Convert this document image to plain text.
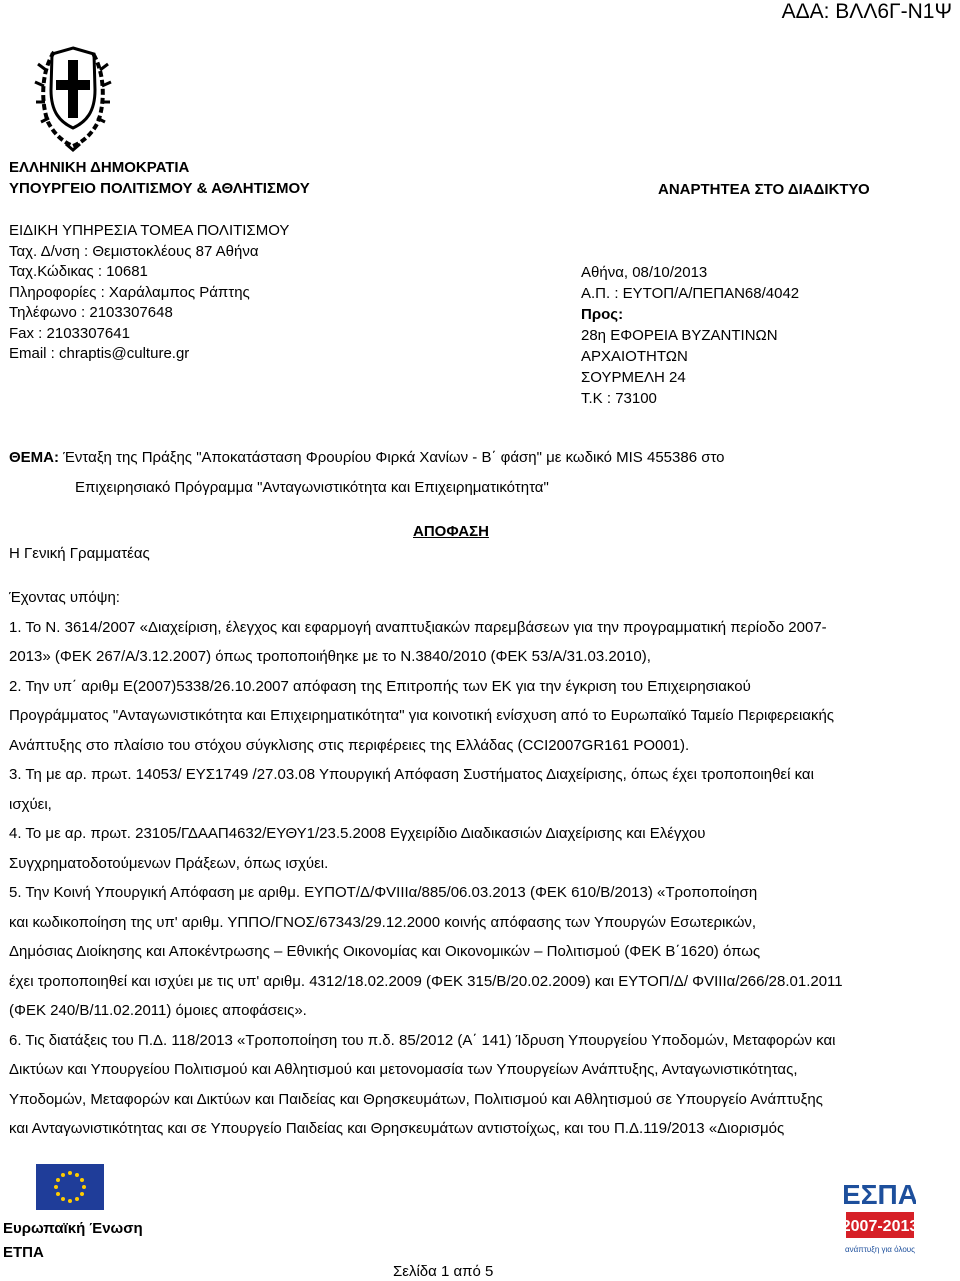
ΑΔΑ: ΒΛΛ6Γ-Ν1Ψ
ΕΛΛΗΝΙΚΗ ΔΗΜΟΚΡΑΤΙΑ
ΥΠΟΥΡΓΕΙΟ ΠΟΛΙΤΙΣΜΟΥ & ΑΘΛΗΤΙΣΜΟΥ	ΑΝΑΡΤΗΤΕΑ ΣΤΟ ΔΙΑΔΙΚΤΥΟ
ΕΙΔΙΚΗ ΥΠΗΡΕΣΙΑ ΤΟΜΕΑ ΠΟΛΙΤΙΣΜΟΥ
Ταχ. Δ/νση : Θεμιστοκλέους 87 Αθήνα
Ταχ.Κώδικας : 10681
Πληροφορίες : Χαράλαμπος Ράπτης
Τηλέφωνο : 2103307648
Fax : 2103307641
Email : chraptis@culture.gr
Αθήνα, 08/10/2013
Α.Π. : ΕΥΤΟΠ/Α/ΠΕΠΑΝ68/4042
Προς:
28η ΕΦΟΡΕΙΑ ΒΥΖΑΝΤΙΝΩΝ
ΑΡΧΑΙΟΤΗΤΩΝ
ΣΟΥΡΜΕΛΗ 24
Τ.Κ : 73100
ΘΕΜΑ: Ένταξη της Πράξης "Αποκατάσταση Φρουρίου Φιρκά Χανίων - Β΄ φάση" με κωδικό MIS 455386 στο
Επιχειρησιακό Πρόγραμμα "Ανταγωνιστικότητα και Επιχειρηματικότητα"
ΑΠΟΦΑΣΗ
Η Γενική Γραμματέας
Έχοντας υπόψη:
1. Το Ν. 3614/2007 «Διαχείριση, έλεγχος και εφαρμογή αναπτυξιακών παρεμβάσεων για την προγραμματική περίοδο 2007-
2013» (ΦΕΚ 267/Α/3.12.2007) όπως τροποποιήθηκε με το Ν.3840/2010 (ΦΕΚ 53/Α/31.03.2010),
2. Την υπ΄ αριθμ Ε(2007)5338/26.10.2007 απόφαση της Επιτροπής των ΕΚ για την έγκριση του Επιχειρησιακού
Προγράμματος "Ανταγωνιστικότητα και Επιχειρηματικότητα" για κοινοτική ενίσχυση από το Ευρωπαϊκό Ταμείο Περιφερειακής
Ανάπτυξης στο πλαίσιο του στόχου σύγκλισης στις περιφέρειες της Ελλάδας (CCI2007GR161 PO001).
3. Τη με αρ. πρωτ. 14053/ ΕΥΣ1749 /27.03.08 Υπουργική Απόφαση Συστήματος Διαχείρισης, όπως έχει τροποποιηθεί και
ισχύει,
4. Το με αρ. πρωτ. 23105/ΓΔΑΑΠ4632/ΕΥΘΥ1/23.5.2008 Εγχειρίδιο Διαδικασιών Διαχείρισης και Ελέγχου
Συγχρηματοδοτούμενων Πράξεων, όπως ισχύει.
5. Την Κοινή Υπουργική Απόφαση με αριθμ. ΕΥΠΟΤ/Δ/ΦVIIIα/885/06.03.2013 (ΦΕΚ 610/Β/2013) «Τροποποίηση
και κωδικοποίηση της υπ' αριθμ. ΥΠΠΟ/ΓΝΟΣ/67343/29.12.2000 κοινής απόφασης των Υπουργών Εσωτερικών,
Δημόσιας Διοίκησης και Αποκέντρωσης – Εθνικής Οικονομίας και Οικονομικών – Πολιτισμού (ΦΕΚ Β΄1620) όπως
έχει τροποποιηθεί και ισχύει με τις υπ' αριθμ. 4312/18.02.2009 (ΦΕΚ 315/Β/20.02.2009) και ΕΥΤΟΠ/Δ/ ΦVIIIα/266/28.01.2011
(ΦΕΚ 240/Β/11.02.2011) όμοιες αποφάσεις».
6. Τις διατάξεις του Π.Δ. 118/2013 «Τροποποίηση του π.δ. 85/2012 (Α΄ 141) Ίδρυση Υπουργείου Υποδομών, Μεταφορών και
Δικτύων και Υπουργείου Πολιτισμού και Αθλητισμού και μετονομασία των Υπουργείων Ανάπτυξης, Ανταγωνιστικότητας,
Υποδομών, Μεταφορών και Δικτύων και Παιδείας και Θρησκευμάτων, Πολιτισμού και Αθλητισμού σε Υπουργείο Ανάπτυξης
και Ανταγωνιστικότητας και σε Υπουργείο Παιδείας και Θρησκευμάτων αντιστοίχως, και του Π.Δ.119/2013 «Διορισμός
Ευρωπαϊκή Ένωση
ΕΤΠΑ
ΕΣΠΑ
2007-2013
ανάπτυξη για όλους
Σελίδα 1 από 5
